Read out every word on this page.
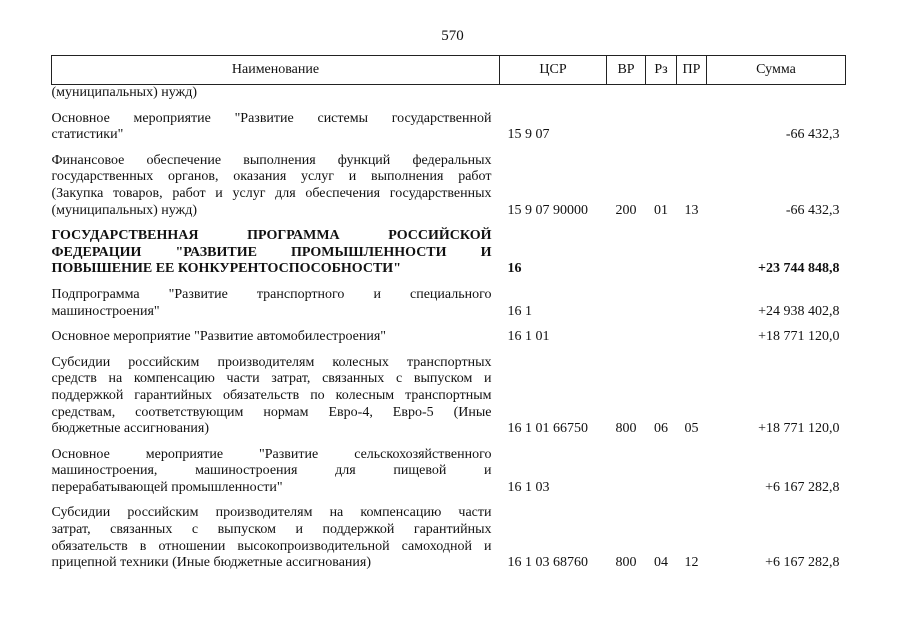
570
Наименование	ЦСР	ВР	Рз	ПР	Сумма

(муниципальных) нужд)					

Основное мероприятие "Развитие системы государственной
статистики"	15 9 07				-66 432,3

Финансовое обеспечение выполнения функций федеральных
государственных органов, оказания услуг и выполнения работ
(Закупка товаров, работ и услуг для обеспечения государственных
(муниципальных) нужд)	15 9 07 90000	200	01	13	-66 432,3

ГОСУДАРСТВЕННАЯ ПРОГРАММА РОССИЙСКОЙ
ФЕДЕРАЦИИ "РАЗВИТИЕ ПРОМЫШЛЕННОСТИ И
ПОВЫШЕНИЕ ЕЕ КОНКУРЕНТОСПОСОБНОСТИ"	16				+23 744 848,8

Подпрограмма "Развитие транспортного и специального
машиностроения"	16 1				+24 938 402,8

Основное мероприятие "Развитие автомобилестроения"	16 1 01				+18 771 120,0

Субсидии российским производителям колесных транспортных
средств на компенсацию части затрат, связанных с выпуском и
поддержкой гарантийных обязательств по колесным транспортным
средствам, соответствующим нормам Евро-4, Евро-5 (Иные
бюджетные ассигнования)	16 1 01 66750	800	06	05	+18 771 120,0

Основное мероприятие "Развитие сельскохозяйственного
машиностроения, машиностроения для пищевой и
перерабатывающей промышленности"	16 1 03				+6 167 282,8

Субсидии российским производителям на компенсацию части
затрат, связанных с выпуском и поддержкой гарантийных
обязательств в отношении высокопроизводительной самоходной и
прицепной техники (Иные бюджетные ассигнования)	16 1 03 68760	800	04	12	+6 167 282,8
